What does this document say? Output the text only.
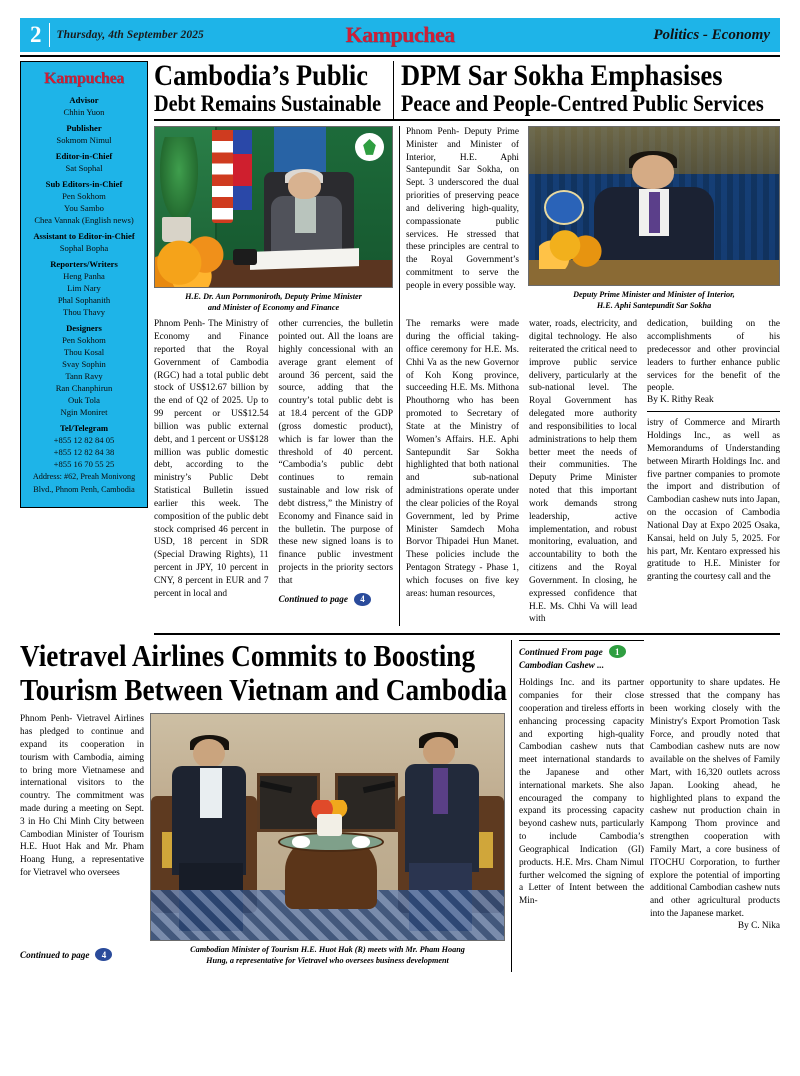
2	Thursday, 4th September 2025	Kampuchea	Politics - Economy
Kampuchea
Advisor
Chhin Yuon
Publisher
Sokmom Nimul
Editor-in-Chief
Sat Sophal
Sub Editors-in-Chief
Pen Sokhom
You Sambo
Chea Vannak (English news)
Assistant to Editor-in-Chief
Sophal Bopha
Reporters/Writers
Heng Panha
Lim Nary
Phal Sophanith
Thou Thavy
Designers
Pen Sokhom
Thou Kosal
Svay Sophin
Tann Ravy
Ran Chanphirun
Ouk Tola
Ngin Moniret
Tel/Telegram
+855 12 82 84 05
+855 12 82 84 38
+855 16 70 55 25
Address: #62, Preah Monivong
Blvd., Phnom Penh, Cambodia
Cambodia’s Public
Debt Remains Sustainable
DPM Sar Sokha Emphasises
Peace and People-Centred Public Services
H.E. Dr. Aun Pornmoniroth, Deputy Prime Minister
and Minister of Economy and Finance

Phnom Penh- The Ministry of Economy and Finance reported that the Royal Government of Cambodia (RGC) had a total public debt stock of US$12.67 billion by the end of Q2 of 2025. Up to 99 percent or US$12.54 billion was public external debt, and 1 percent or US$128 million was public domestic debt, according to the ministry’s Public Debt Statistical Bulletin issued earlier this week. The composition of the public debt stock comprised 46 percent in USD, 18 percent in SDR (Special Drawing Rights), 11 percent in JPY, 10 percent in CNY, 8 percent in EUR and 7 percent in local and

other currencies, the bulletin pointed out. All the loans are highly concessional with an average grant element of around 36 percent, said the source, adding that the country’s total public debt is at 18.4 percent of the GDP (gross domestic product), which is far lower than the threshold of 40 percent. “Cambodia’s public debt continues to remain sustainable and low risk of debt distress,” the Ministry of Economy and Finance said in the bulletin. The purpose of these new signed loans is to finance public investment projects in the priority sectors that

Continued to page	4

Phnom Penh- Deputy Prime Minister and Minister of Interior, H.E. Aphi Santepundit Sar Sokha, on Sept. 3 underscored the dual priorities of preserving peace and delivering high-quality, compassionate public services. He stressed that these principles are central to the Royal Government’s commitment to serve the people in every possible way.

Deputy Prime Minister and Minister of Interior,
H.E. Aphi Santepundit Sar Sokha

The remarks were made during the official taking-office ceremony for H.E. Ms. Chhi Va as the new Governor of Koh Kong province, succeeding H.E. Ms. Mithona Phouthorng who has been promoted to Secretary of State at the Ministry of Women’s Affairs. H.E. Aphi Santepundit Sar Sokha highlighted that both national and sub-national administrations operate under the clear policies of the Royal Government, led by Prime Minister Samdech Moha Borvor Thipadei Hun Manet. These policies include the Pentagon Strategy - Phase 1, which focuses on five key areas: human resources,

water, roads, electricity, and digital technology. He also reiterated the critical need to improve public service delivery, particularly at the sub-national level. The Royal Government has delegated more authority and responsibilities to local administrations to help them better meet the needs of their communities. The Deputy Prime Minister noted that this important work demands strong leadership, active implementation, and robust monitoring, evaluation, and accountability to both the citizens and the Royal Government. In closing, he expressed confidence that H.E. Ms. Chhi Va will lead with

dedication, building on the accomplishments of his predecessor and other provincial leaders to further enhance public services for the benefit of the people.

By K. Rithy Reak

istry of Commerce and Mirarth Holdings Inc., as well as Memorandums of Understanding between Mirarth Holdings Inc. and five partner companies to promote the import and distribution of Cambodian cashew nuts into Japan, on the occasion of Cambodia National Day at Expo 2025 Osaka, Kansai, held on July 5, 2025. For his part, Mr. Kentaro expressed his gratitude to H.E. Minister for granting the courtesy call and the

Vietravel Airlines Commits to Boosting
Tourism Between Vietnam and Cambodia

Phnom Penh- Vietravel Airlines has pledged to continue and expand its cooperation in tourism with Cambodia, aiming to bring more Vietnamese and international visitors to the country. The commitment was made during a meeting on Sept. 3 in Ho Chi Minh City between Cambodian Minister of Tourism H.E. Huot Hak and Mr. Pham Hoang Hung, a representative for Vietravel who oversees

Continued to page	4	Cambodian Minister of Tourism H.E. Huot Hak (R) meets with Mr. Pham Hoang
Hung, a representative for Vietravel who oversees business development
Continued From page	1
Cambodian Cashew ...

Holdings Inc. and its partner companies for their close cooperation and tireless efforts in enhancing processing capacity and exporting high-quality Cambodian cashew nuts that meet international standards to the Japanese and other international markets. She also encouraged the company to expand its processing capacity beyond cashew nuts, particularly to include Cambodia’s Geographical Indication (GI) products. H.E. Mrs. Cham Nimul further welcomed the signing of a Letter of Intent between the Min-

opportunity to share updates. He stressed that the company has been working closely with the Ministry's Export Promotion Task Force, and proudly noted that Cambodian cashew nuts are now available on the shelves of Family Mart, with 16,320 outlets across Japan. Looking ahead, he highlighted plans to expand the cashew nut production chain in Kampong Thom province and strengthen cooperation with Family Mart, a core business of ITOCHU Corporation, to further explore the potential of importing additional Cambodian cashew nuts and other agricultural products into the Japanese market.

By C. Nika
